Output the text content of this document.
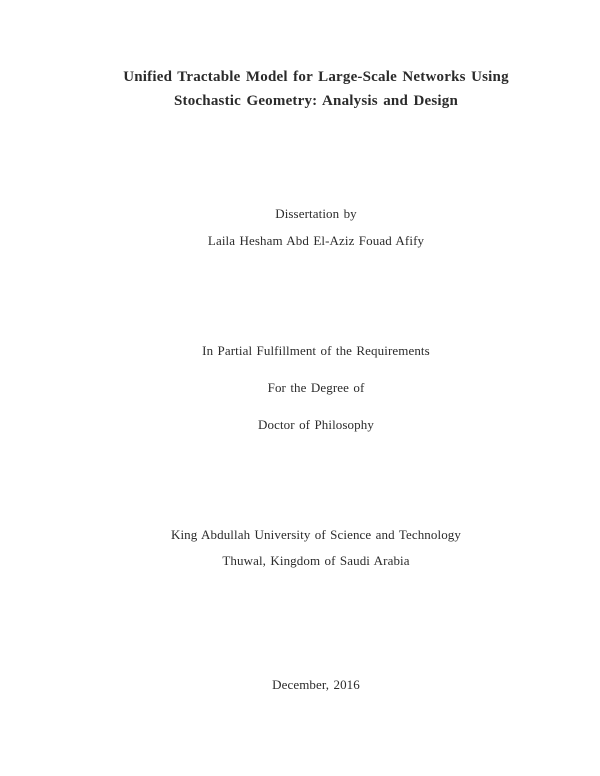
Unified Tractable Model for Large-Scale Networks Using
Stochastic Geometry: Analysis and Design
Dissertation by
Laila Hesham Abd El-Aziz Fouad Afify
In Partial Fulfillment of the Requirements
For the Degree of
Doctor of Philosophy
King Abdullah University of Science and Technology
Thuwal, Kingdom of Saudi Arabia
December, 2016
